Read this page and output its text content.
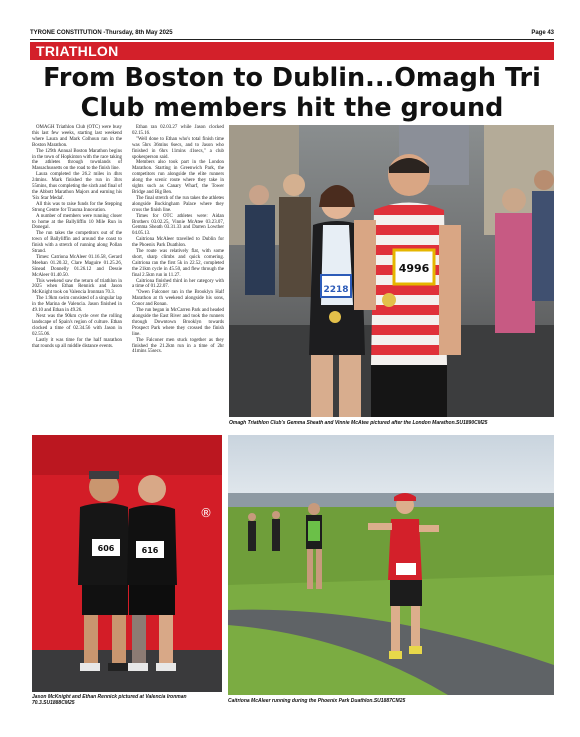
TYRONE CONSTITUTION -Thursday, 8th May 2025	Page 43
TRIATHLON
From Boston to Dublin...Omagh Tri Club members hit the ground

OMAGH Triathlon Club (OTC) were busy this last few weeks, starting last weekend where Laura and Mark Colhoun ran in the Boston Marathon.

The 129th Annual Boston Marathon begins in the town of Hopkinton with the race taking the athletes through townlands of Massachussetts on the road to the finish line.

Laura completed the 26.2 miles in 4hrs 24mins. Mark finished the run in 3hrs 55mins, thus completing the sixth and final of the Abbott Marathon Majors and earning his 'Six Star Medal'.

All this was to raise funds for the Stepping Strong Centre for Trauma Innovation.

A number of members were running closer to home at the Ballyliffin 10 Mile Run in Donegal.

The run takes the competitors out of the town of Ballyliffin and around the coast to finish with a stretch of running along Pollan Strand.

Times: Catriona McAleer 01.16.58, Gerard Meehan 01.20.32, Clare Maguire 01.25.26, Sinead Donnelly 01.26.12 and Dessie McAleer 01.40.50.

This weekend saw the return of triathlon in 2025 when Ethan Rennick and Jason McKnight took on Valencia Ironman 70.3.

The 1.9km swim consisted of a singular lap in the Marina de Valencia. Jason finished in 49.10 and Ethan in 49.26.

Next was the 90km cycle over the rolling landscape of Spain's region of culture. Ethan clocked a time of 02.34.56 with Jason in 02.55.06.

Lastly it was time for the half marathon that rounds up all middle distance events.

Ethan ran 02.03.27 while Jason clocked 02.15.16.

"Well done to Ethan who's total finish time was 5hrs 36mins 6secs, and to Jason who finished in 6hrs 11mins 41secs," a club spokesperson said.

Members also took part in the London Marathon. Starting in Greenwich Park, the competitors run alongside the elite runners along the scenic route where they take in sights such as Canary Wharf, the Tower Bridge and Big Ben.

The final stretch of the run takes the athletes alongside Buckingham Palace where they cross the finish line.

Times for OTC athletes were: Aidan Brothers 03.02.25, Vinnie McAtee 03.23.07, Gemma Sheath 03.31.33 and Darren Lowther 04.05.13.

Caitriona McAleer travelled to Dublin for the Phoenix Park Duathlon.

The route was relatively flat, with some short, sharp climbs and quick cornering. Caitriona ran the first 5k in 22.52, completed the 21km cycle in 45.50, and flew through the final 2.5km run in 11.27.

Caitriona finished third in her category with a time of 01.22.07.

"Owen Falconer ran in the Brooklyn Half Marathon at th weekend alongside his sons, Conor and Ronan.

The run began in McCarren Park and headed alongside the East River and took the runners through Downtown Brooklyn towards Prospect Park where they crossed the finish line.

The Falconer men stuck together as they finished the 21.2km run in a time of 2hr 41mins 55secs.

2218
4996
Omagh Triathlon Club's Gemma Sheath and Vinnie McAtee pictured after the London Marathon.SU1890CM25
®
606	616
Jason McKnight and Ethan Rennick pictured at Valencia Ironman 70.3.SU1888CM25	Caitriona McAleer running during the Phoenix Park Duathlon.SU1887CM25
